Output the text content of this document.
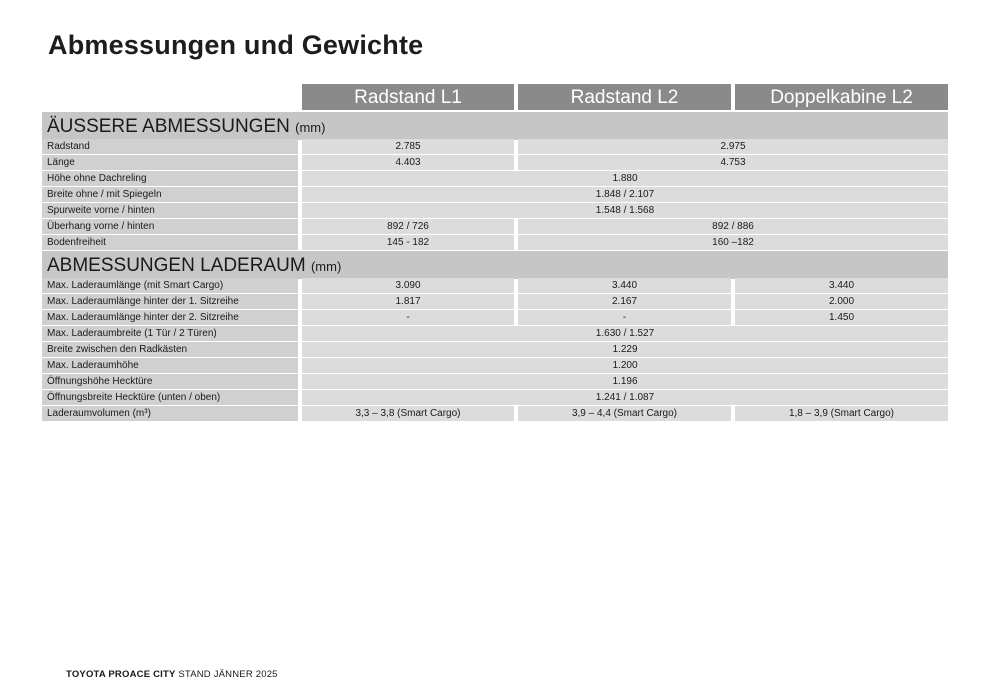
Abmessungen und Gewichte
Radstand L1	Radstand L2	Doppelkabine L2
ÄUSSERE ABMESSUNGEN (mm)
Radstand	2.785	2.975
Länge	4.403	4.753
Höhe ohne Dachreling	1.880
Breite ohne / mit Spiegeln	1.848 / 2.107
Spurweite vorne / hinten	1.548 / 1.568
Überhang vorne / hinten	892 / 726	892 / 886
Bodenfreiheit	145 - 182	160 –182
ABMESSUNGEN LADERAUM (mm)
Max. Laderaumlänge (mit Smart Cargo)	3.090	3.440	3.440
Max. Laderaumlänge hinter der 1. Sitzreihe	1.817	2.167	2.000
Max. Laderaumlänge hinter der 2. Sitzreihe	-	-	1.450
Max. Laderaumbreite (1 Tür / 2 Türen)	1.630 / 1.527
Breite zwischen den Radkästen	1.229
Max. Laderaumhöhe	1.200
Öffnungshöhe Hecktüre	1.196
Öffnungsbreite Hecktüre (unten / oben)	1.241 / 1.087
Laderaumvolumen (m³)	3,3 – 3,8 (Smart Cargo)	3,9 – 4,4 (Smart Cargo)	1,8 – 3,9 (Smart Cargo)
TOYOTA PROACE CITY STAND JÄNNER 2025
